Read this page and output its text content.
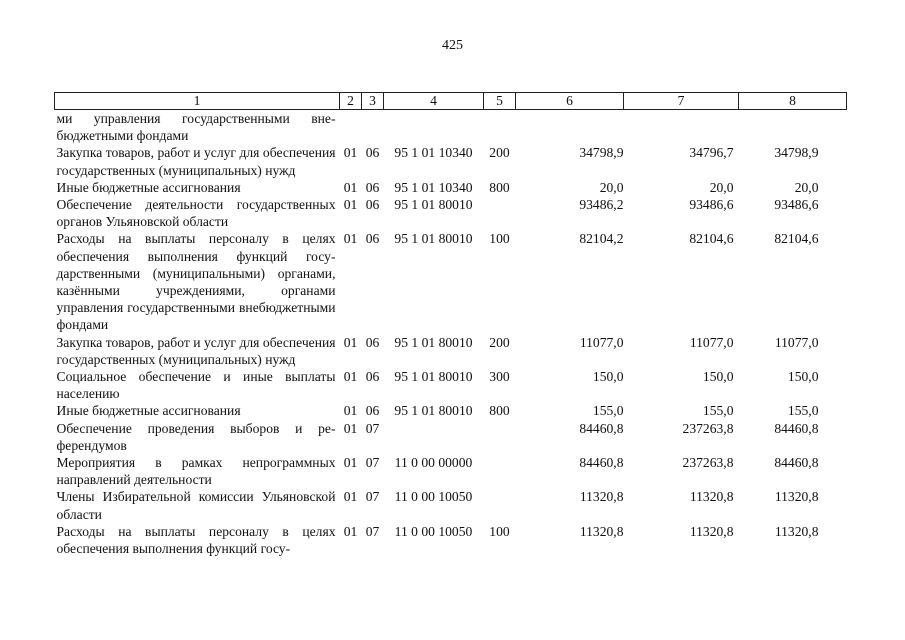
425
1	2	3	4	5	6	7	8
ми управления государственными внебюджетными фондами							
Закупка товаров, работ и услуг для обеспечения государственных (муниципальных) нужд	01	06	95 1 01 10340	200	34798,9	34796,7	34798,9
Иные бюджетные ассигнования	01	06	95 1 01 10340	800	20,0	20,0	20,0
Обеспечение деятельности государственных органов Ульяновской области	01	06	95 1 01 80010		93486,2	93486,6	93486,6
Расходы на выплаты персоналу в целях обеспечения выполнения функций государственными (муниципальными) органами, казёнными учреждениями, органами управления государственными внебюджетными фондами	01	06	95 1 01 80010	100	82104,2	82104,6	82104,6
Закупка товаров, работ и услуг для обеспечения государственных (муниципальных) нужд	01	06	95 1 01 80010	200	11077,0	11077,0	11077,0
Социальное обеспечение и иные выплаты населению	01	06	95 1 01 80010	300	150,0	150,0	150,0
Иные бюджетные ассигнования	01	06	95 1 01 80010	800	155,0	155,0	155,0
Обеспечение проведения выборов и референдумов	01	07			84460,8	237263,8	84460,8
Мероприятия в рамках непрограммных направлений деятельности	01	07	11 0 00 00000		84460,8	237263,8	84460,8
Члены Избирательной комиссии Ульяновской области	01	07	11 0 00 10050		11320,8	11320,8	11320,8
Расходы на выплаты персоналу в целях обеспечения выполнения функций госу-	01	07	11 0 00 10050	100	11320,8	11320,8	11320,8
